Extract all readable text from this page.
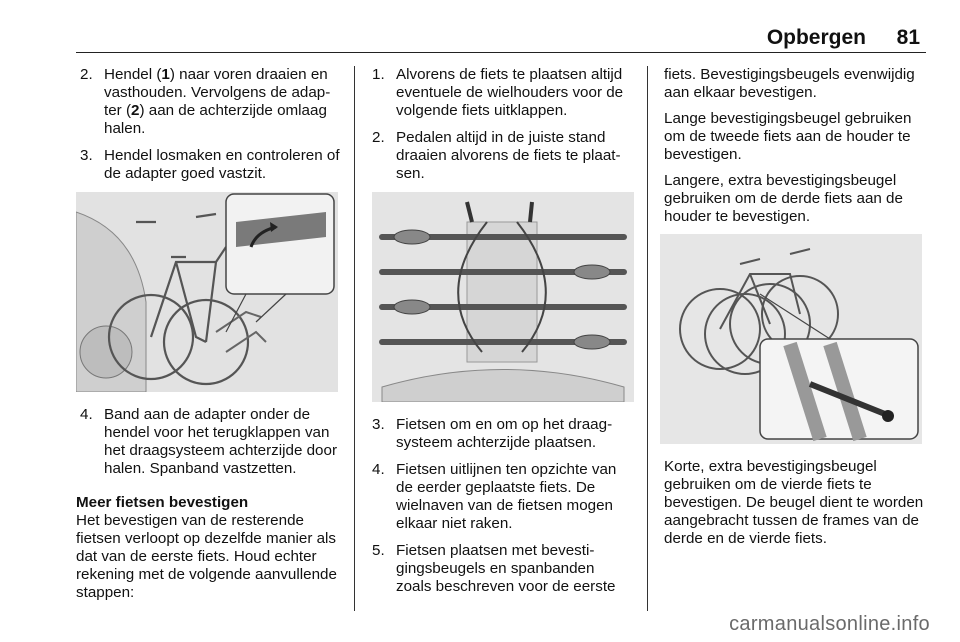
Opbergen 81
2. Hendel (1) naar voren draaien en vasthouden. Vervolgens de adapter (2) aan de achterzijde omlaag halen.
3. Hendel losmaken en controleren of de adapter goed vastzit.
4. Band aan de adapter onder de hendel voor het terugklappen van het draagsysteem achterzijde door halen. Spanband vastzetten.
Meer fietsen bevestigen

Het bevestigen van de resterende fietsen verloopt op dezelfde manier als dat van de eerste fiets. Houd echter rekening met de volgende aanvullende stappen:

1. Alvorens de fiets te plaatsen altijd eventuele de wielhouders voor de volgende fiets uitklappen.
2. Pedalen altijd in de juiste stand draaien alvorens de fiets te plaatsen.
3. Fietsen om en om op het draagsysteem achterzijde plaatsen.
4. Fietsen uitlijnen ten opzichte van de eerder geplaatste fiets. De wielnaven van de fietsen mogen elkaar niet raken.
5. Fietsen plaatsen met bevestigingsbeugels en spanbanden zoals beschreven voor de eerste

fiets. Bevestigingsbeugels evenwijdig aan elkaar bevestigen.

Lange bevestigingsbeugel gebruiken om de tweede fiets aan de houder te bevestigen.

Langere, extra bevestigingsbeugel gebruiken om de derde fiets aan de houder te bevestigen.

Korte, extra bevestigingsbeugel gebruiken om de vierde fiets te bevestigen. De beugel dient te worden aangebracht tussen de frames van de derde en de vierde fiets.

carmanualsonline.info
